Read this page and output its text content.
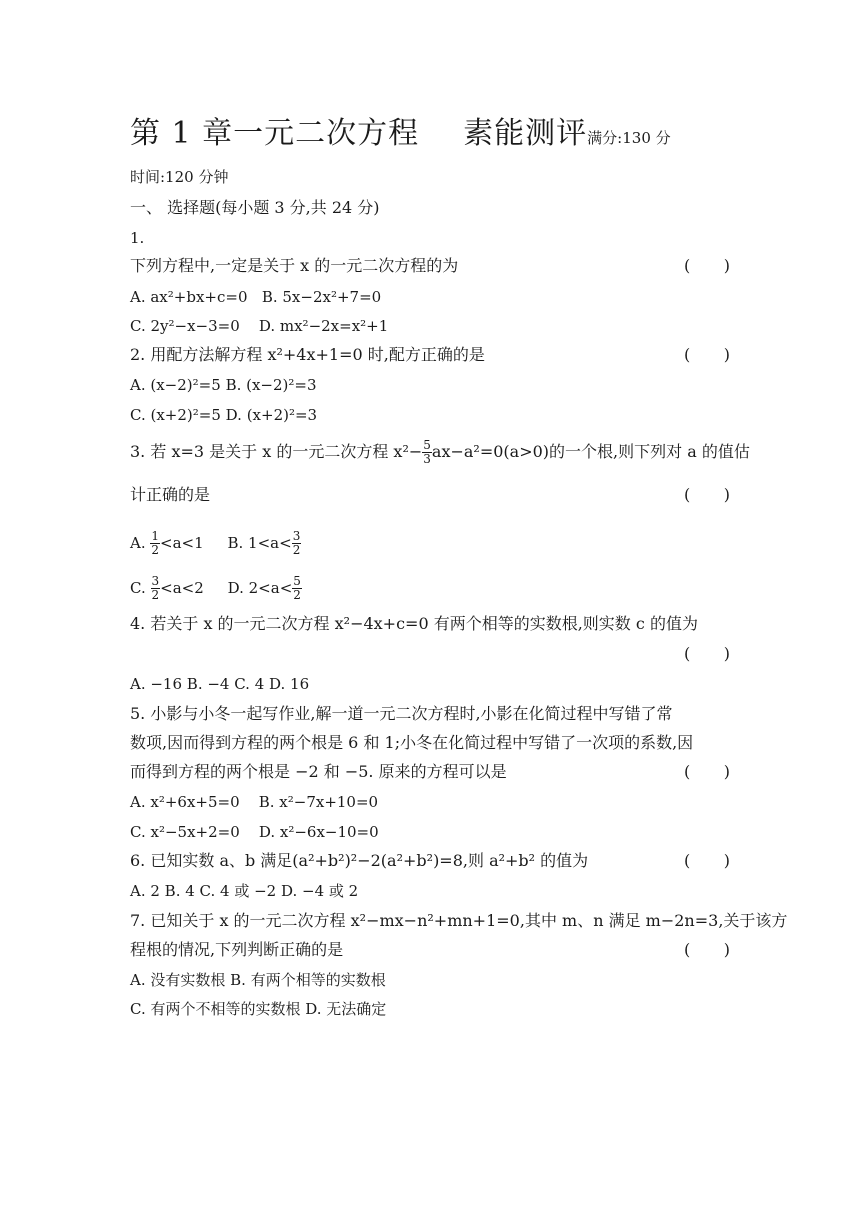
第 1 章一元二次方程 素能测评满分:130 分
时间:120 分钟
一、 选择题(每小题 3 分,共 24 分)
1.
下列方程中,一定是关于 x 的一元二次方程的为	( )
A. ax²+bx+c=0 B. 5x−2x²+7=0
C. 2y²−x−3=0 D. mx²−2x=x²+1
2. 用配方法解方程 x²+4x+1=0 时,配方正确的是	( )
A. (x−2)²=5 B. (x−2)²=3
C. (x+2)²=5 D. (x+2)²=3
3. 若 x=3 是关于 x 的一元二次方程 $x^2- \frac{5}{3} ax-a^2=0(a>0)$的一个根,则下列对 a 的值估
计正确的是	( )
A. $\frac{1}{2} <a<1$ B. $1<a< \frac{3}{2}$
C. $\frac{3}{2} <a<2$ D. $2<a< \frac{5}{2}$
4. 若关于 x 的一元二次方程 x²−4x+c=0 有两个相等的实数根,则实数 c 的值为
( )
A. −16 B. −4 C. 4 D. 16
5. 小影与小冬一起写作业,解一道一元二次方程时,小影在化简过程中写错了常
数项,因而得到方程的两个根是 6 和 1;小冬在化简过程中写错了一次项的系数,因
而得到方程的两个根是 −2 和 −5. 原来的方程可以是	( )
A. x²+6x+5=0 B. x²−7x+10=0
C. x²−5x+2=0 D. x²−6x−10=0
6. 已知实数 a、b 满足(a²+b²)²−2(a²+b²)=8,则 a²+b² 的值为	( )
A. 2 B. 4 C. 4 或 −2 D. −4 或 2
7. 已知关于 x 的一元二次方程 x²−mx−n²+mn+1=0,其中 m、n 满足 m−2n=3,关于该方
程根的情况,下列判断正确的是	( )
A. 没有实数根 B. 有两个相等的实数根
C. 有两个不相等的实数根 D. 无法确定
